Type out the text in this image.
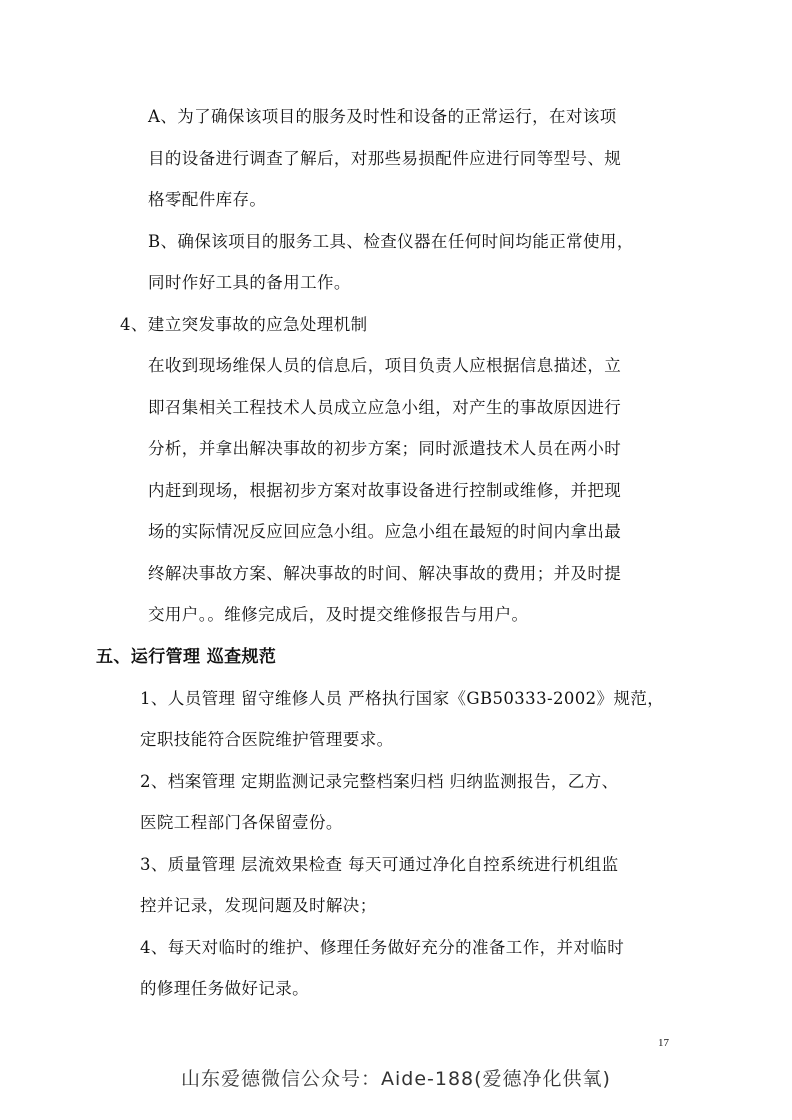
A、为了确保该项目的服务及时性和设备的正常运行，在对该项
目的设备进行调查了解后，对那些易损配件应进行同等型号、规
格零配件库存。
B、确保该项目的服务工具、检查仪器在任何时间均能正常使用，
同时作好工具的备用工作。
4、建立突发事故的应急处理机制
在收到现场维保人员的信息后，项目负责人应根据信息描述，立
即召集相关工程技术人员成立应急小组，对产生的事故原因进行
分析，并拿出解决事故的初步方案；同时派遣技术人员在两小时
内赶到现场，根据初步方案对故事设备进行控制或维修，并把现
场的实际情况反应回应急小组。应急小组在最短的时间内拿出最
终解决事故方案、解决事故的时间、解决事故的费用；并及时提
交用户。。维修完成后，及时提交维修报告与用户。
五、运行管理 巡查规范
1、人员管理 留守维修人员 严格执行国家《GB50333-2002》规范，
定职技能符合医院维护管理要求。
2、档案管理 定期监测记录完整档案归档 归纳监测报告，乙方、
医院工程部门各保留壹份。
3、质量管理 层流效果检查 每天可通过净化自控系统进行机组监
控并记录，发现问题及时解决；
4、每天对临时的维护、修理任务做好充分的准备工作，并对临时
的修理任务做好记录。
17
山东爱德微信公众号：Aide-188(爱德净化供氧)
